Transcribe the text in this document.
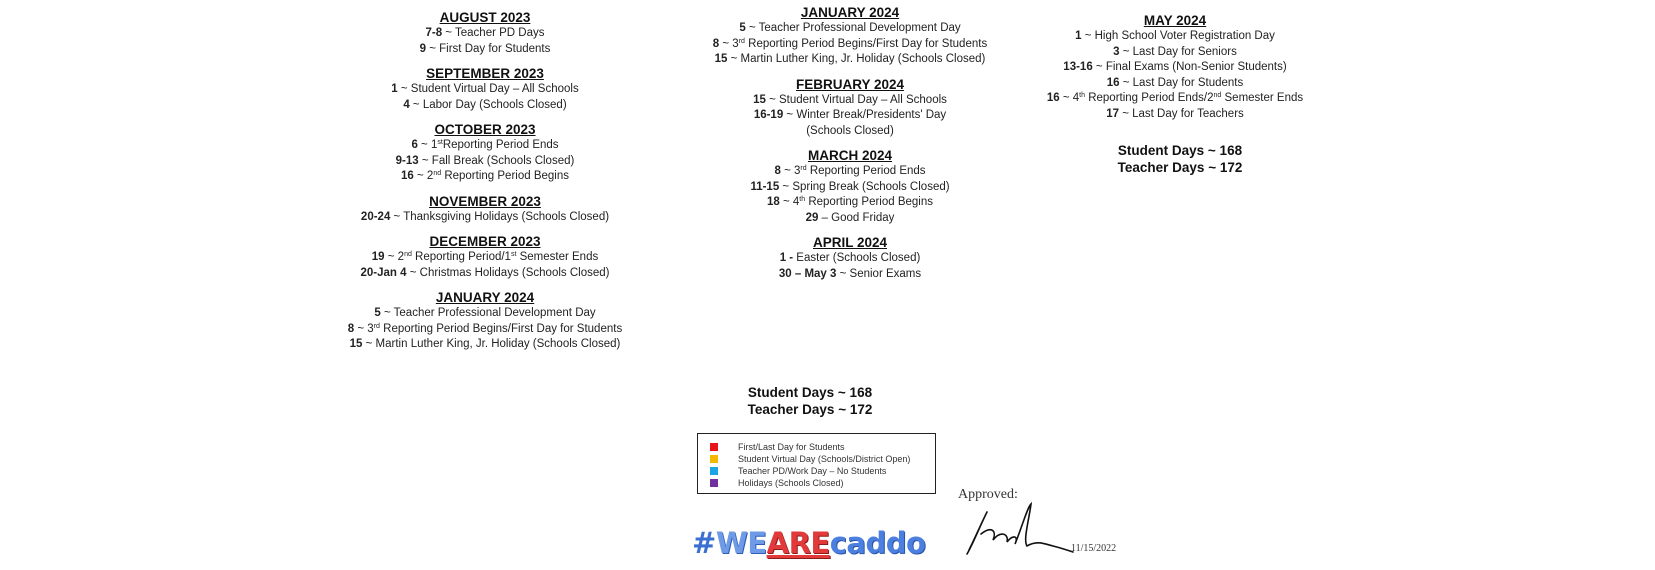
AUGUST 2023
7-8 ~ Teacher PD Days
9 ~ First Day for Students
SEPTEMBER 2023
1 ~ Student Virtual Day – All Schools
4 ~ Labor Day (Schools Closed)
OCTOBER 2023
6 ~ 1stReporting Period Ends
9-13 ~ Fall Break (Schools Closed)
16 ~ 2nd Reporting Period Begins
NOVEMBER 2023
20-24 ~ Thanksgiving Holidays (Schools Closed)
DECEMBER 2023
19 ~ 2nd Reporting Period/1st Semester Ends
20-Jan 4 ~ Christmas Holidays (Schools Closed)
JANUARY 2024
5 ~ Teacher Professional Development Day
8 ~ 3rd Reporting Period Begins/First Day for Students
15 ~ Martin Luther King, Jr. Holiday (Schools Closed)
JANUARY 2024
5 ~ Teacher Professional Development Day
8 ~ 3rd Reporting Period Begins/First Day for Students
15 ~ Martin Luther King, Jr. Holiday (Schools Closed)
FEBRUARY 2024
15 ~ Student Virtual Day – All Schools
16-19 ~ Winter Break/Presidents' Day
(Schools Closed)
MARCH 2024
8 ~ 3rd Reporting Period Ends
11-15 ~ Spring Break (Schools Closed)
18 ~ 4th Reporting Period Begins
29 – Good Friday
APRIL 2024
1 - Easter (Schools Closed)
30 – May 3 ~ Senior Exams
MAY 2024
1 ~ High School Voter Registration Day
3 ~ Last Day for Seniors
13-16 ~ Final Exams (Non-Senior Students)
16 ~ Last Day for Students
16 ~ 4th Reporting Period Ends/2nd Semester Ends
17 ~ Last Day for Teachers
Student Days ~ 168
Teacher Days ~ 172
Student Days ~ 168
Teacher Days ~ 172
First/Last Day for Students
Student Virtual Day (Schools/District Open)
Teacher PD/Work Day – No Students
Holidays (Schools Closed)
#WEAREcaddo
Approved:
11/15/2022
